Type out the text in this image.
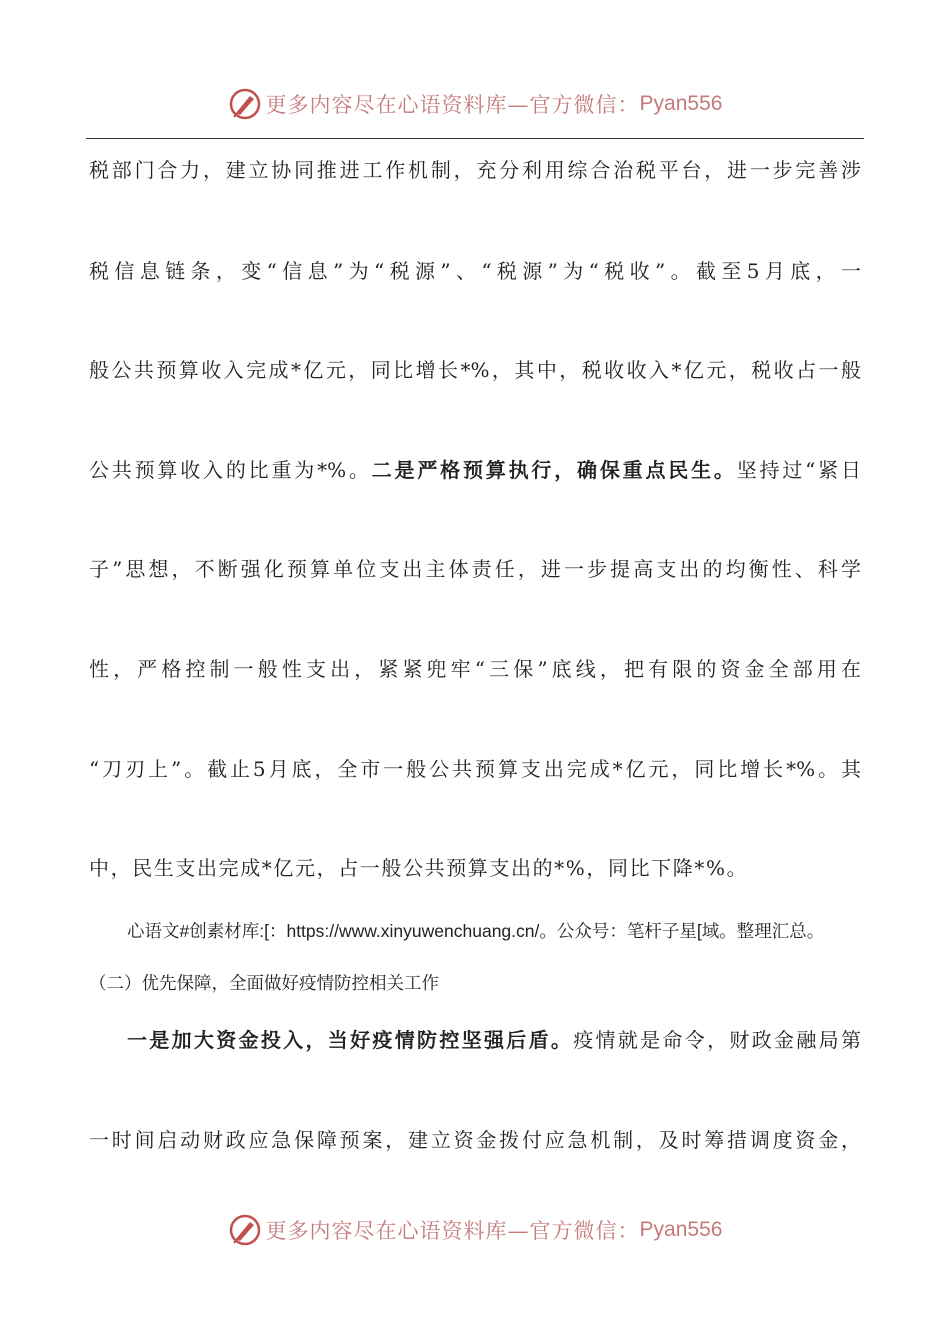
更多内容尽在心语资料库—官方微信： Pyan556
税部门合力，建立协同推进工作机制，充分利用综合治税平台，进一步完善涉
税信息链条，变“信息”为“税源”、“税源”为“税收”。截至5月底，一
般公共预算收入完成*亿元，同比增长*%，其中，税收收入*亿元，税收占一般
公共预算收入的比重为*%。二是严格预算执行，确保重点民生。坚持过“紧日
子”思想，不断强化预算单位支出主体责任，进一步提高支出的均衡性、科学
性，严格控制一般性支出，紧紧兜牢“三保”底线，把有限的资金全部用在
“刀刃上”。截止5月底，全市一般公共预算支出完成*亿元，同比增长*%。其
中，民生支出完成*亿元，占一般公共预算支出的*%，同比下降*%。
心语文#创素材库:[：https://www.xinyuwenchuang.cn/。公众号：笔杆子星[域。整理汇总。
（二）优先保障，全面做好疫情防控相关工作
一是加大资金投入，当好疫情防控坚强后盾。疫情就是命令，财政金融局第
一时间启动财政应急保障预案，建立资金拨付应急机制，及时筹措调度资金，
更多内容尽在心语资料库—官方微信： Pyan556
